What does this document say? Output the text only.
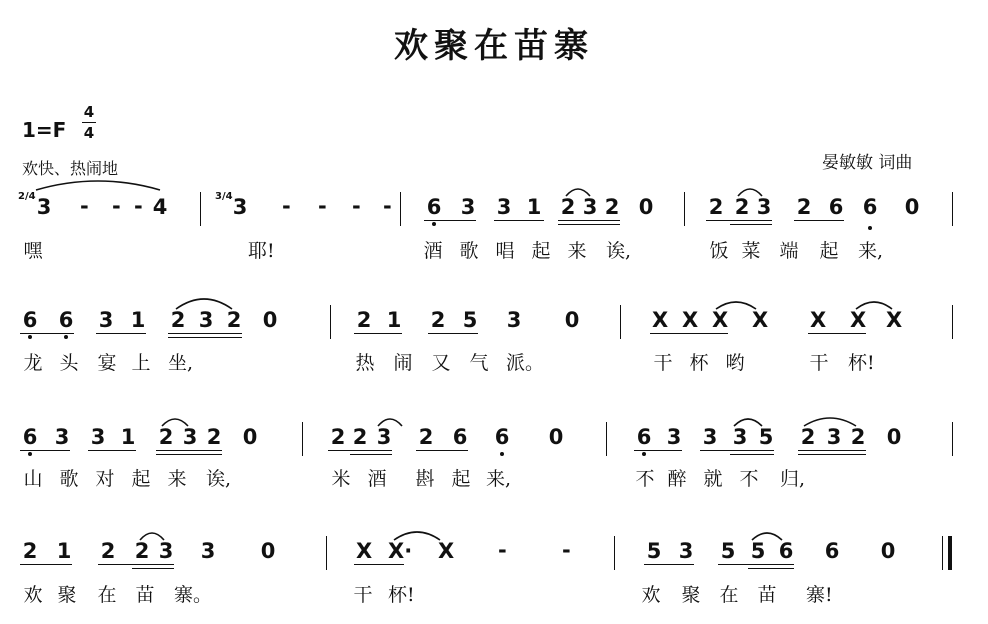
欢聚在苗寨
1=F
4
4
欢快、热闹地	晏敏敏 词曲
2/4 3 - - - 4	3/4 3 - - - - 6 3 3 1 2 3 2 0	2 2 3 2 6 6 0
嘿	耶!	酒 歌 唱 起 来 诶,	饭 菜 端 起 来,
6 6 3 1 2 3 2 0	2 1 2 5 3 0	X X X X X X X
龙 头 宴 上 坐,	热 闹 又 气 派。	干 杯 哟	干 杯!
6 3 3 1 2 3 2 0	2 2 3 2 6 6 0	6 3 3 3 5 2 3 2 0
山 歌 对 起 来 诶,	米 酒 斟 起 来,	不 醉 就 不 归,
2 1 2 2 3 3 0	X X· X -	-	5 3 5 5 6 6 0
欢 聚 在 苗 寨。	干 杯!	欢 聚 在 苗 寨!
